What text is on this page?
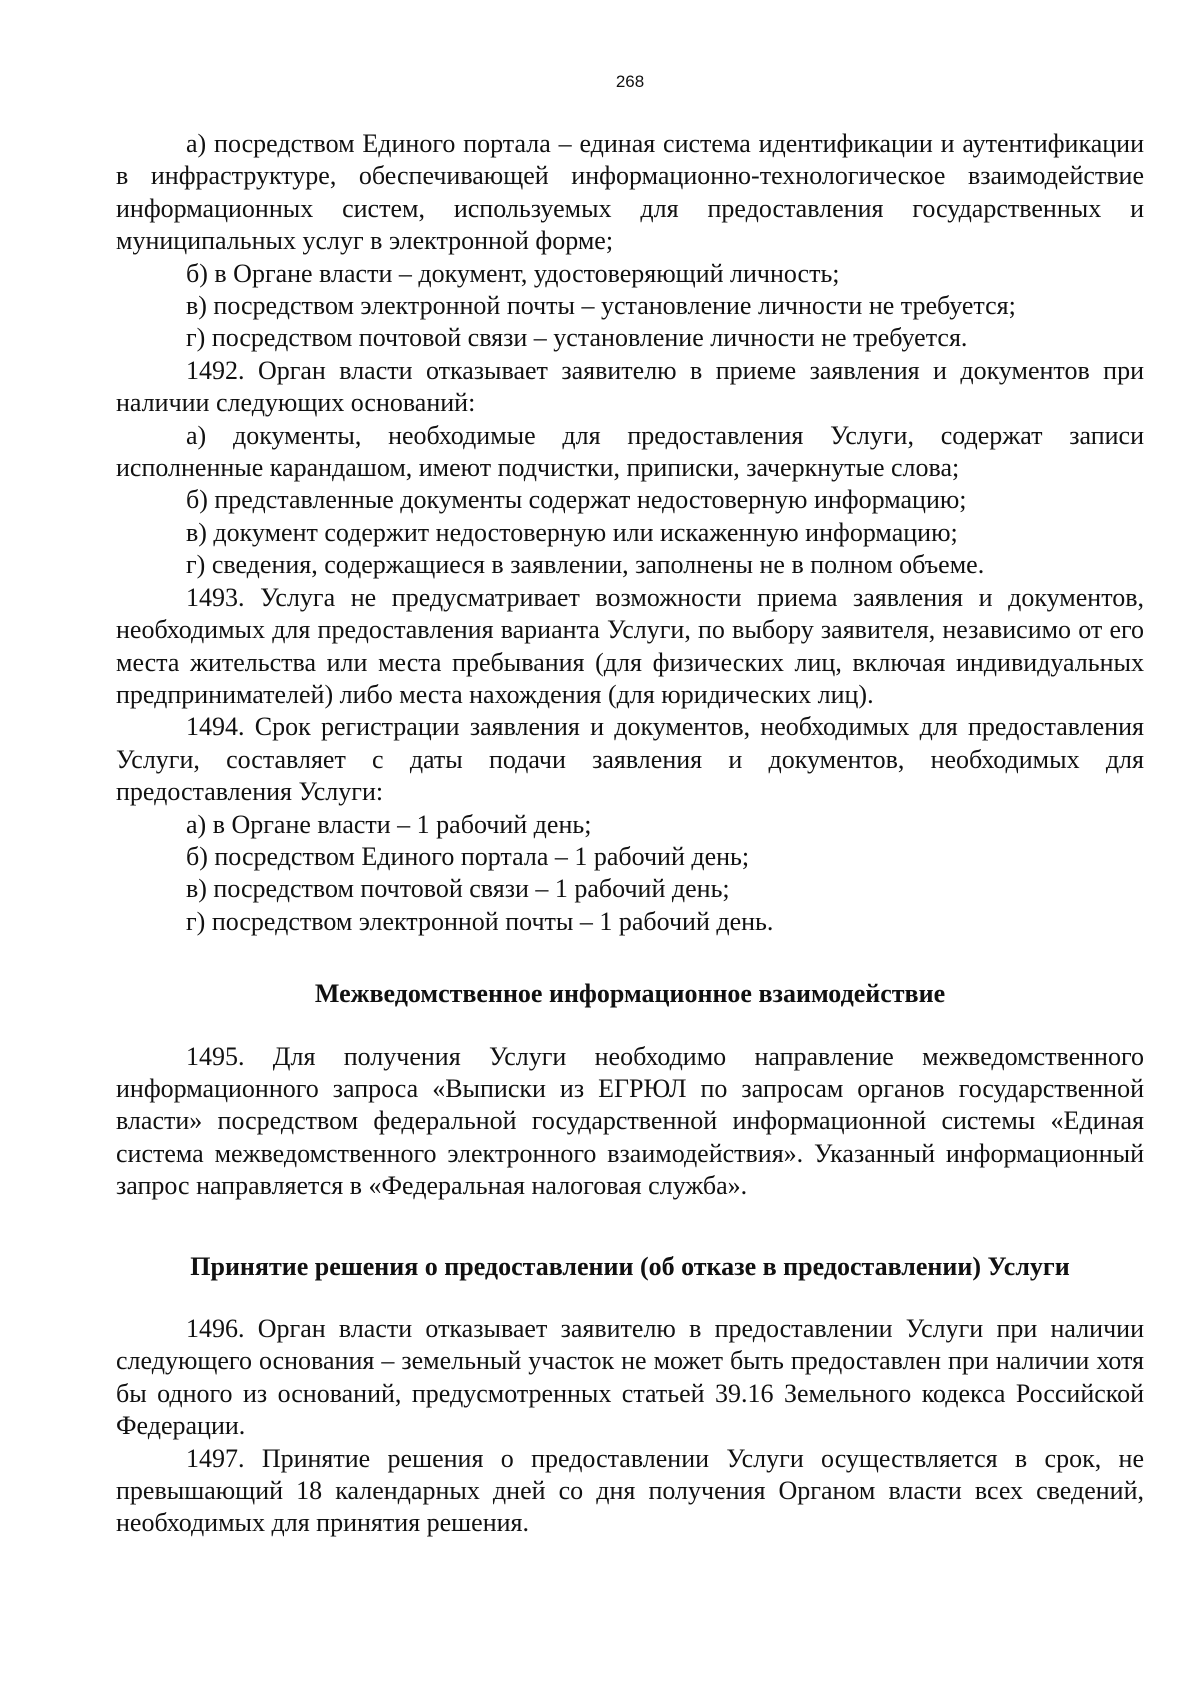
268

а) посредством Единого портала – единая система идентификации и аутентификации в инфраструктуре, обеспечивающей информационно-технологическое взаимодействие информационных систем, используемых для предоставления государственных и муниципальных услуг в электронной форме;

б) в Органе власти – документ, удостоверяющий личность;

в) посредством электронной почты – установление личности не требуется;

г) посредством почтовой связи – установление личности не требуется.

1492. Орган власти отказывает заявителю в приеме заявления и документов при наличии следующих оснований:

а) документы, необходимые для предоставления Услуги, содержат записи исполненные карандашом, имеют подчистки, приписки, зачеркнутые слова;

б) представленные документы содержат недостоверную информацию;

в) документ содержит недостоверную или искаженную информацию;

г) сведения, содержащиеся в заявлении, заполнены не в полном объеме.

1493. Услуга не предусматривает возможности приема заявления и документов, необходимых для предоставления варианта Услуги, по выбору заявителя, независимо от его места жительства или места пребывания (для физических лиц, включая индивидуальных предпринимателей) либо места нахождения (для юридических лиц).

1494. Срок регистрации заявления и документов, необходимых для предоставления Услуги, составляет с даты подачи заявления и документов, необходимых для предоставления Услуги:

а) в Органе власти – 1 рабочий день;

б) посредством Единого портала – 1 рабочий день;

в) посредством почтовой связи – 1 рабочий день;

г) посредством электронной почты – 1 рабочий день.

Межведомственное информационное взаимодействие

1495. Для получения Услуги необходимо направление межведомственного информационного запроса «Выписки из ЕГРЮЛ по запросам органов государственной власти» посредством федеральной государственной информационной системы «Единая система межведомственного электронного взаимодействия». Указанный информационный запрос направляется в «Федеральная налоговая служба».

Принятие решения о предоставлении (об отказе в предоставлении) Услуги

1496. Орган власти отказывает заявителю в предоставлении Услуги при наличии следующего основания – земельный участок не может быть предоставлен при наличии хотя бы одного из оснований, предусмотренных статьей 39.16 Земельного кодекса Российской Федерации.

1497. Принятие решения о предоставлении Услуги осуществляется в срок, не превышающий 18 календарных дней со дня получения Органом власти всех сведений, необходимых для принятия решения.
